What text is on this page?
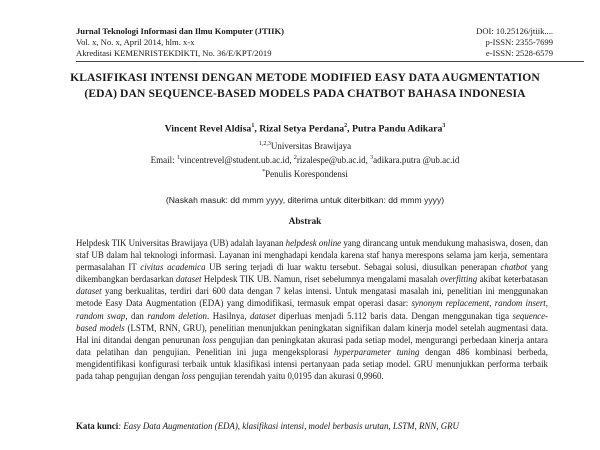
Jurnal Teknologi Informasi dan Ilmu Komputer (JTIIK)
Vol. x, No. x, April 2014, hlm. x-x
Akreditasi KEMENRISTEKDIKTI, No. 36/E/KPT/2019
DOI: 10.25126/jtiik....
p-ISSN: 2355-7699
e-ISSN: 2528-6579
KLASIFIKASI INTENSI DENGAN METODE MODIFIED EASY DATA AUGMENTATION (EDA) DAN SEQUENCE-BASED MODELS PADA CHATBOT BAHASA INDONESIA
Vincent Revel Aldisa$^1$, Rizal Setya Perdana$^2$, Putra Pandu Adikara$^3$
$^{1,2,3}$Universitas Brawijaya
Email: $^1$vincentrevel@student.ub.ac.id, $^2$rizalespe@ub.ac.id, $^3$adikara.putra @ub.ac.id
*Penulis Korespondensi
(Naskah masuk: dd mmm yyyy, diterima untuk diterbitkan: dd mmm yyyy)
Abstrak

Helpdesk TIK Universitas Brawijaya (UB) adalah layanan helpdesk online yang dirancang untuk mendukung mahasiswa, dosen, dan staf UB dalam hal teknologi informasi. Layanan ini menghadapi kendala karena staf hanya merespons selama jam kerja, sementara permasalahan IT civitas academica UB sering terjadi di luar waktu tersebut. Sebagai solusi, diusulkan penerapan chatbot yang dikembangkan berdasarkan dataset Helpdesk TIK UB. Namun, riset sebelumnya mengalami masalah overfitting akibat keterbatasan dataset yang berkualitas, terdiri dari 600 data dengan 7 kelas intensi. Untuk mengatasi masalah ini, penelitian ini menggunakan metode Easy Data Augmentation (EDA) yang dimodifikasi, termasuk empat operasi dasar: synonym replacement, random insert, random swap, dan random deletion. Hasilnya, dataset diperluas menjadi 5.112 baris data. Dengan menggunakan tiga sequence-based models (LSTM, RNN, GRU), penelitian menunjukkan peningkatan signifikan dalam kinerja model setelah augmentasi data. Hal ini ditandai dengan penurunan loss pengujian dan peningkatan akurasi pada setiap model, mengurangi perbedaan kinerja antara data pelatihan dan pengujian. Penelitian ini juga mengeksplorasi hyperparameter tuning dengan 486 kombinasi berbeda, mengidentifikasi konfigurasi terbaik untuk klasifikasi intensi pertanyaan pada setiap model. GRU menunjukkan performa terbaik pada tahap pengujian dengan loss pengujian terendah yaitu 0,0195 dan akurasi 0,9960.

Kata kunci: Easy Data Augmentation (EDA), klasifikasi intensi, model berbasis urutan, LSTM, RNN, GRU
